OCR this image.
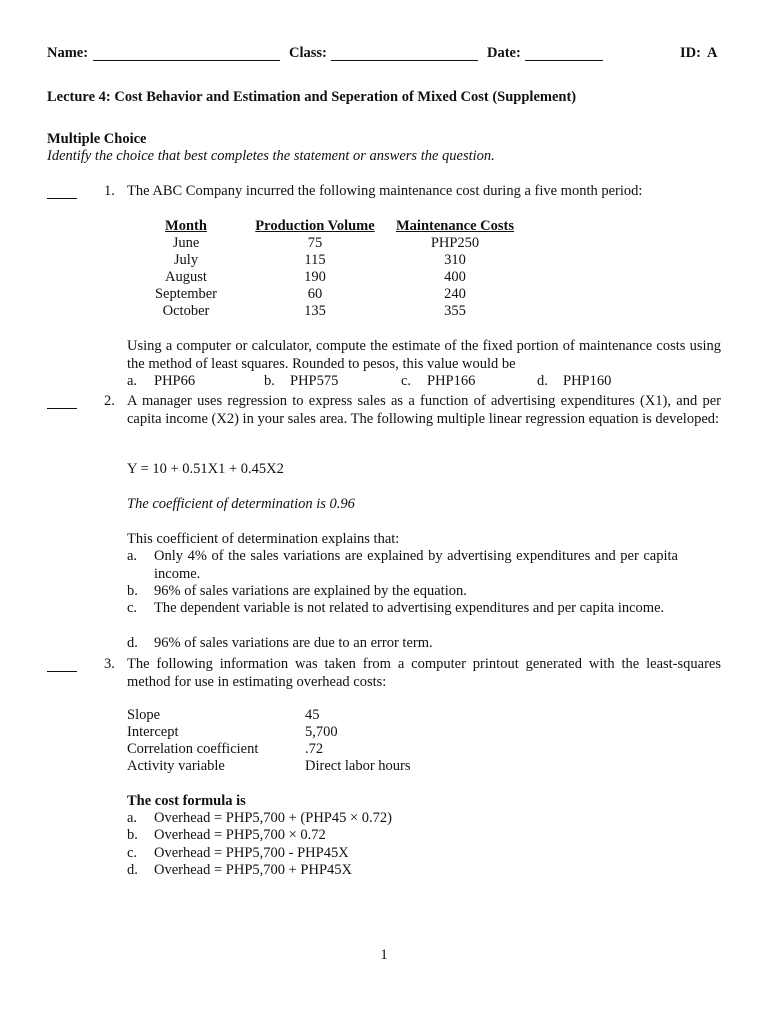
Name:	Class:	Date:	ID: A
Lecture 4: Cost Behavior and Estimation and Seperation of Mixed Cost (Supplement)
Multiple Choice
Identify the choice that best completes the statement or answers the question.
1. The ABC Company incurred the following maintenance cost during a five month period:
Month	Production Volume	Maintenance Costs
June	75	PHP250
July	115	310
August	190	400
September	60	240
October	135	355
Using a computer or calculator, compute the estimate of the fixed portion of maintenance costs using the method of least squares. Rounded to pesos, this value would be
a. PHP66	b. PHP575	c. PHP166	d. PHP160
2. A manager uses regression to express sales as a function of advertising expenditures (X1), and per capita income (X2) in your sales area. The following multiple linear regression equation is developed:
Y = 10 + 0.51X1 + 0.45X2
The coefficient of determination is 0.96
This coefficient of determination explains that:
a. Only 4% of the sales variations are explained by advertising expenditures and per capita income.
b. 96% of sales variations are explained by the equation.
c. The dependent variable is not related to advertising expenditures and per capita income.
d. 96% of sales variations are due to an error term.
3. The following information was taken from a computer printout generated with the least-squares method for use in estimating overhead costs:
Slope	45
Intercept	5,700
Correlation coefficient	.72
Activity variable	Direct labor hours
The cost formula is
a. Overhead = PHP5,700 + (PHP45 × 0.72)
b. Overhead = PHP5,700 × 0.72
c. Overhead = PHP5,700 - PHP45X
d. Overhead = PHP5,700 + PHP45X
1
